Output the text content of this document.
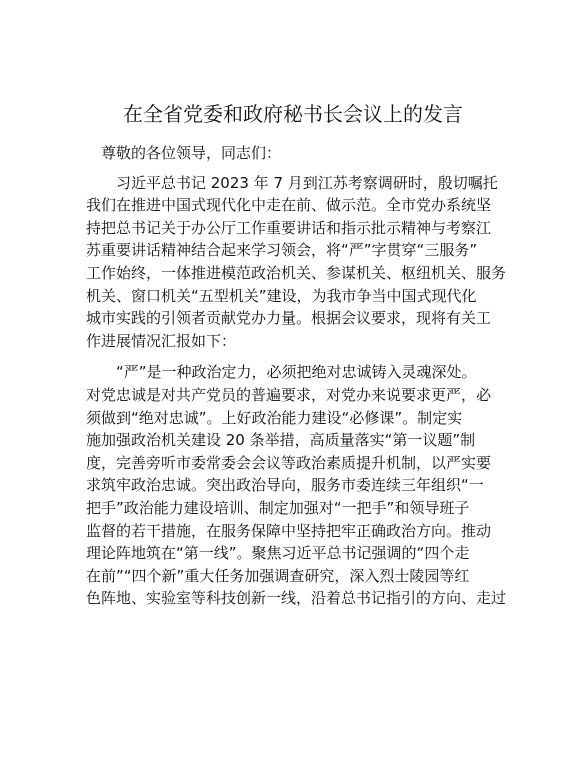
在全省党委和政府秘书长会议上的发言
尊敬的各位领导，同志们：
习近平总书记 2023 年 7 月到江苏考察调研时，殷切嘱托
我们在推进中国式现代化中走在前、做示范。全市党办系统坚
持把总书记关于办公厅工作重要讲话和指示批示精神与考察江
苏重要讲话精神结合起来学习领会，将“严”字贯穿“三服务”
工作始终，一体推进模范政治机关、参谋机关、枢纽机关、服务
机关、窗口机关“五型机关”建设，为我市争当中国式现代化
城市实践的引领者贡献党办力量。根据会议要求，现将有关工
作进展情况汇报如下：
“严”是一种政治定力，必须把绝对忠诚铸入灵魂深处。
对党忠诚是对共产党员的普遍要求，对党办来说要求更严，必
须做到“绝对忠诚”。上好政治能力建设“必修课”。制定实
施加强政治机关建设 20 条举措，高质量落实“第一议题”制
度，完善旁听市委常委会会议等政治素质提升机制，以严实要
求筑牢政治忠诚。突出政治导向，服务市委连续三年组织“一
把手”政治能力建设培训、制定加强对“一把手”和领导班子
监督的若干措施，在服务保障中坚持把牢正确政治方向。推动
理论阵地筑在“第一线”。聚焦习近平总书记强调的“四个走
在前”“四个新”重大任务加强调查研究，深入烈士陵园等红
色阵地、实验室等科技创新一线，沿着总书记指引的方向、走过
